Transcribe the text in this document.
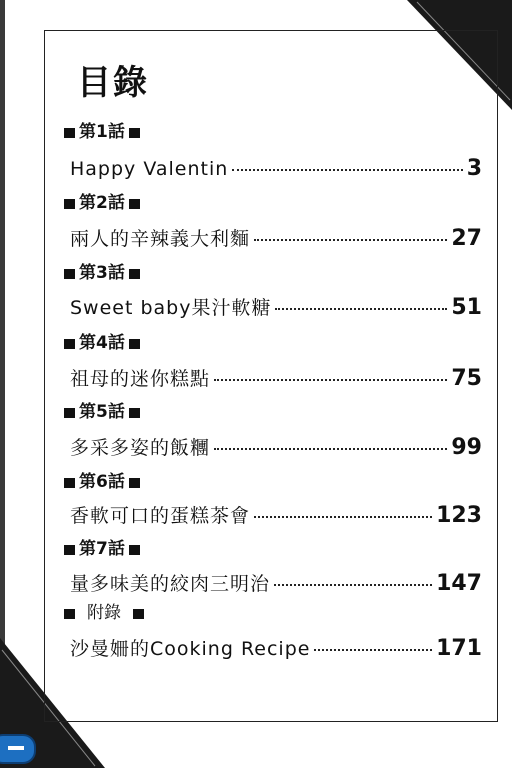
目錄
第1話
Happy Valentin	3
第2話
兩人的辛辣義大利麵	27
第3話
Sweet baby果汁軟糖	51
第4話
祖母的迷你糕點	75
第5話
多采多姿的飯糰	99
第6話
香軟可口的蛋糕茶會	123
第7話
量多味美的絞肉三明治	147
附錄
沙曼姍的Cooking Recipe	171
